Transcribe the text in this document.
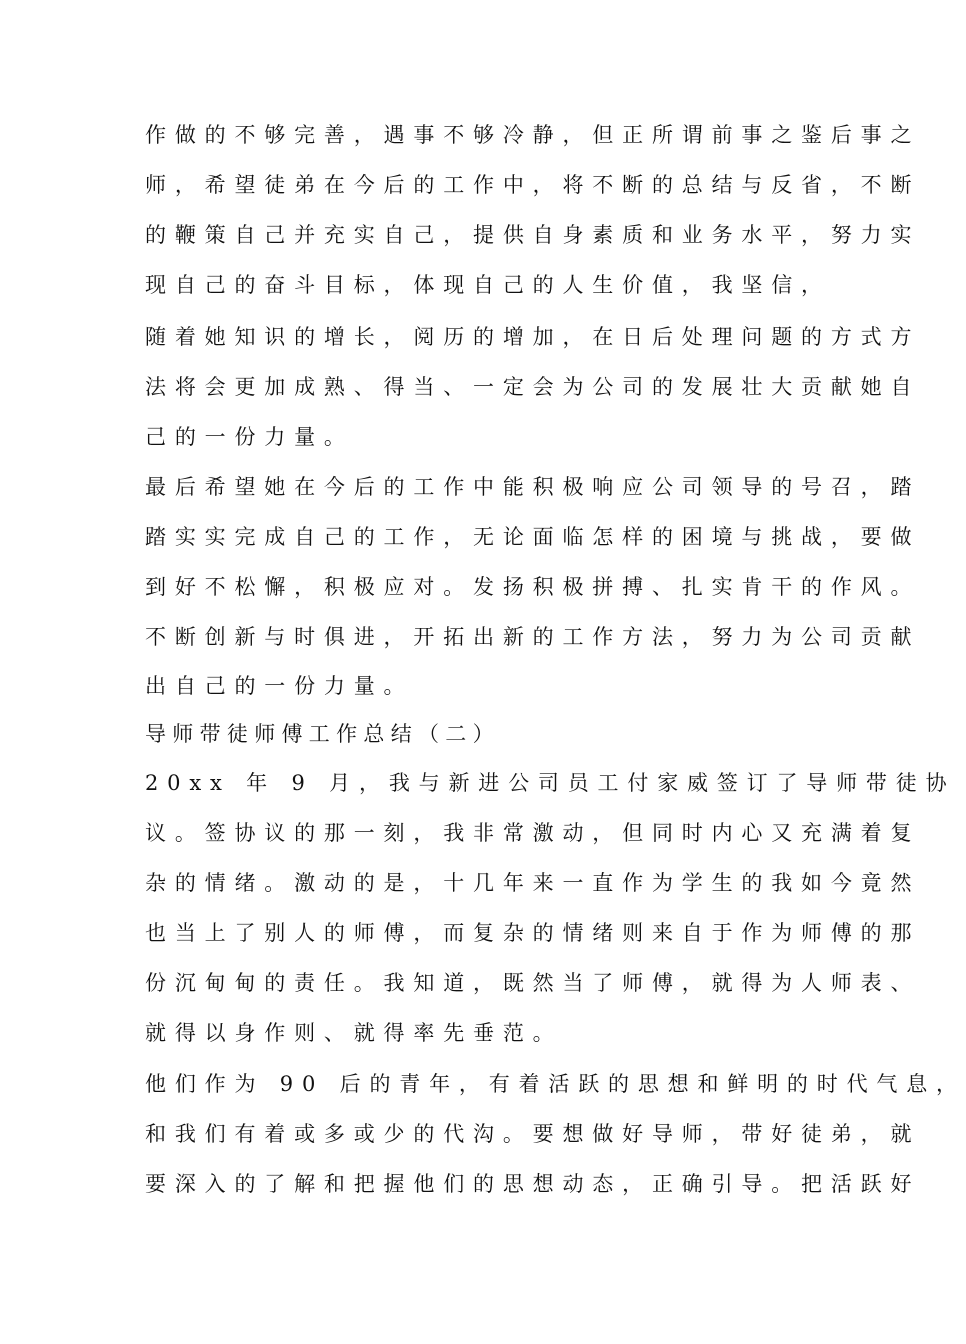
作做的不够完善，遇事不够冷静，但正所谓前事之鉴后事之
师，希望徒弟在今后的工作中，将不断的总结与反省，不断
的鞭策自己并充实自己，提供自身素质和业务水平，努力实
现自己的奋斗目标，体现自己的人生价值，我坚信，
随着她知识的增长，阅历的增加，在日后处理问题的方式方
法将会更加成熟、得当、一定会为公司的发展壮大贡献她自
己的一份力量。
最后希望她在今后的工作中能积极响应公司领导的号召，踏
踏实实完成自己的工作，无论面临怎样的困境与挑战，要做
到好不松懈，积极应对。发扬积极拼搏、扎实肯干的作风。
不断创新与时俱进，开拓出新的工作方法，努力为公司贡献
出自己的一份力量。
导师带徒师傅工作总结（二）
20xx 年 9 月，我与新进公司员工付家威签订了导师带徒协
议。签协议的那一刻，我非常激动，但同时内心又充满着复
杂的情绪。激动的是，十几年来一直作为学生的我如今竟然
也当上了别人的师傅，而复杂的情绪则来自于作为师傅的那
份沉甸甸的责任。我知道，既然当了师傅，就得为人师表、
就得以身作则、就得率先垂范。
他们作为 90 后的青年，有着活跃的思想和鲜明的时代气息，
和我们有着或多或少的代沟。要想做好导师，带好徒弟，就
要深入的了解和把握他们的思想动态，正确引导。把活跃好
